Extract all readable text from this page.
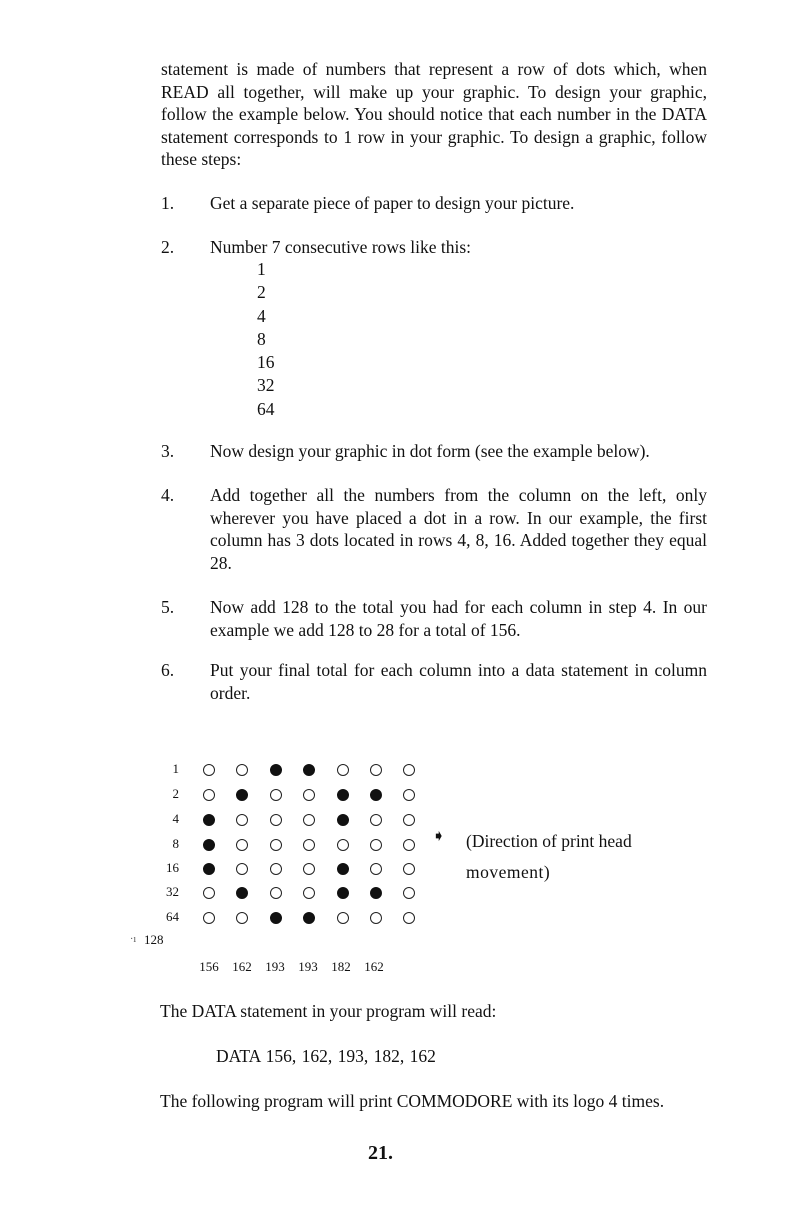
statement is made of numbers that represent a row of dots which, when READ all together, will make up your graphic. To design your graphic, follow the example below. You should notice that each number in the DATA statement corresponds to 1 row in your graphic. To design a graphic, follow these steps:
1.	Get a separate piece of paper to design your picture.
2.	Number 7 consecutive rows like this:
3.	Now design your graphic in dot form (see the example below).
4.	Add together all the numbers from the column on the left, only wherever you have placed a dot in a row. In our example, the first column has 3 dots located in rows 4, 8, 16. Added together they equal 28.
5.	Now add 128 to the total you had for each column in step 4. In our example we add 128 to 28 for a total of 156.
6.	Put your final total for each column into a data statement in column order.
1
2
4
8
16
32
64
1
2
4
8
16
32
64
·ı 128
156	162	193	193	182	162
➧ (Direction of print head
movement)
The DATA statement in your program will read:
DATA 156, 162, 193, 182, 162
The following program will print COMMODORE with its logo 4 times.
21.
